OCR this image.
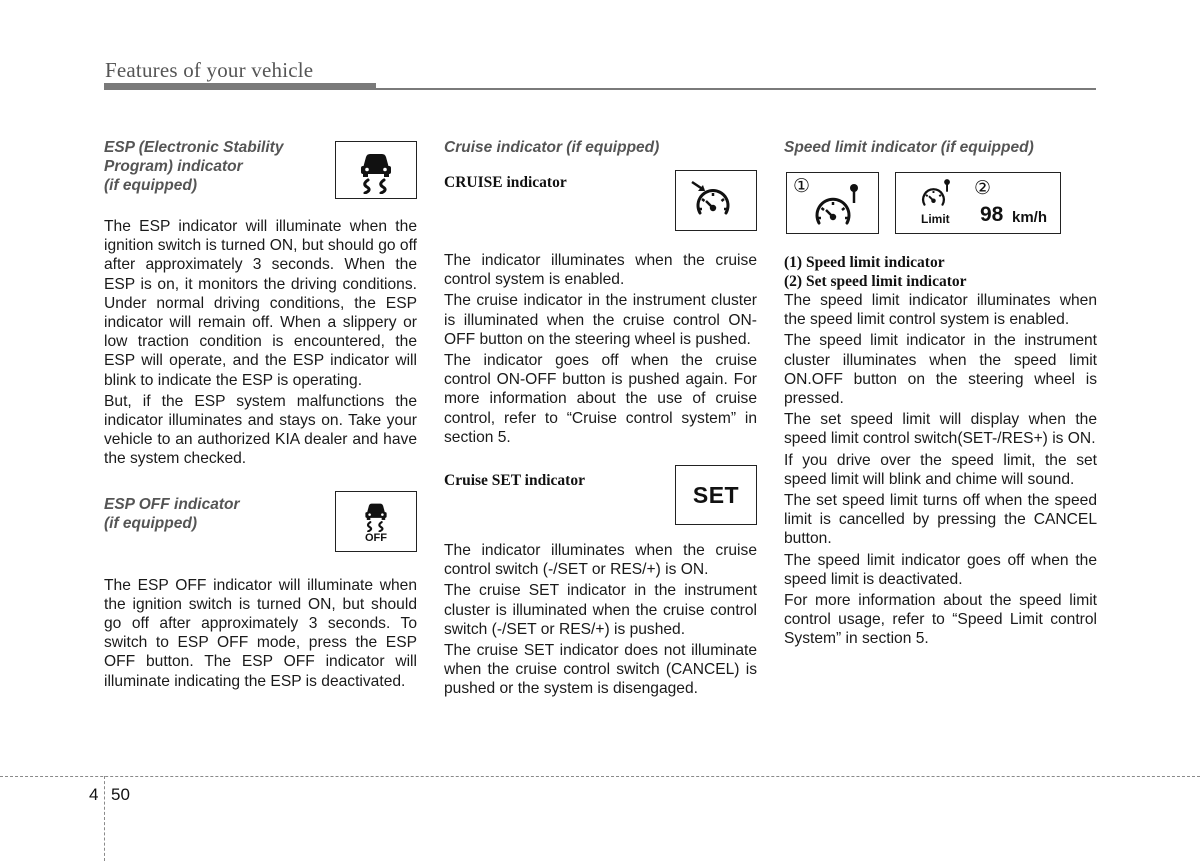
Features of your vehicle
ESP (Electronic Stability
Program) indicator
(if equipped)

The ESP indicator will illuminate when the ignition switch is turned ON, but should go off after approximately 3 seconds. When the ESP is on, it monitors the driving conditions. Under normal driving conditions, the ESP indicator will remain off. When a slippery or low traction condition is encountered, the ESP will operate, and the ESP indicator will blink to indicate the ESP is operating.

But, if the ESP system malfunctions the indicator illuminates and stays on. Take your vehicle to an authorized KIA dealer and have the system checked.

ESP OFF indicator
(if equipped)
OFF

The ESP OFF indicator will illuminate when the ignition switch is turned ON, but should go off after approximately 3 seconds. To switch to ESP OFF mode, press the ESP OFF button. The ESP OFF indicator will illuminate indicating the ESP is deactivated.

Cruise indicator (if equipped)
CRUISE indicator

The indicator illuminates when the cruise control system is enabled.

The cruise indicator in the instrument cluster is illuminated when the cruise control ON-OFF button on the steering wheel is pushed.

The indicator goes off when the cruise control ON-OFF button is pushed again. For more information about the use of cruise control, refer to “Cruise control system” in section 5.

Cruise SET indicator
SET

The indicator illuminates when the cruise control switch (-/SET or RES/+) is ON.

The cruise SET indicator in the instrument cluster is illuminated when the cruise control switch (-/SET or RES/+) is pushed.

The cruise SET indicator does not illuminate when the cruise control switch (CANCEL) is pushed or the system is disengaged.

Speed limit indicator (if equipped)
①	②
Limit 98 km/h
(1) Speed limit indicator
(2) Set speed limit indicator

The speed limit indicator illuminates when the speed limit control system is enabled.

The speed limit indicator in the instrument cluster illuminates when the speed limit ON.OFF button on the steering wheel is pressed.

The set speed limit will display when the speed limit control switch(SET-/RES+) is ON.

If you drive over the speed limit, the set speed limit will blink and chime will sound.

The set speed limit turns off when the speed limit is cancelled by pressing the CANCEL button.

The speed limit indicator goes off when the speed limit is deactivated.

For more information about the speed limit control usage, refer to “Speed Limit control System” in section 5.

4 50
